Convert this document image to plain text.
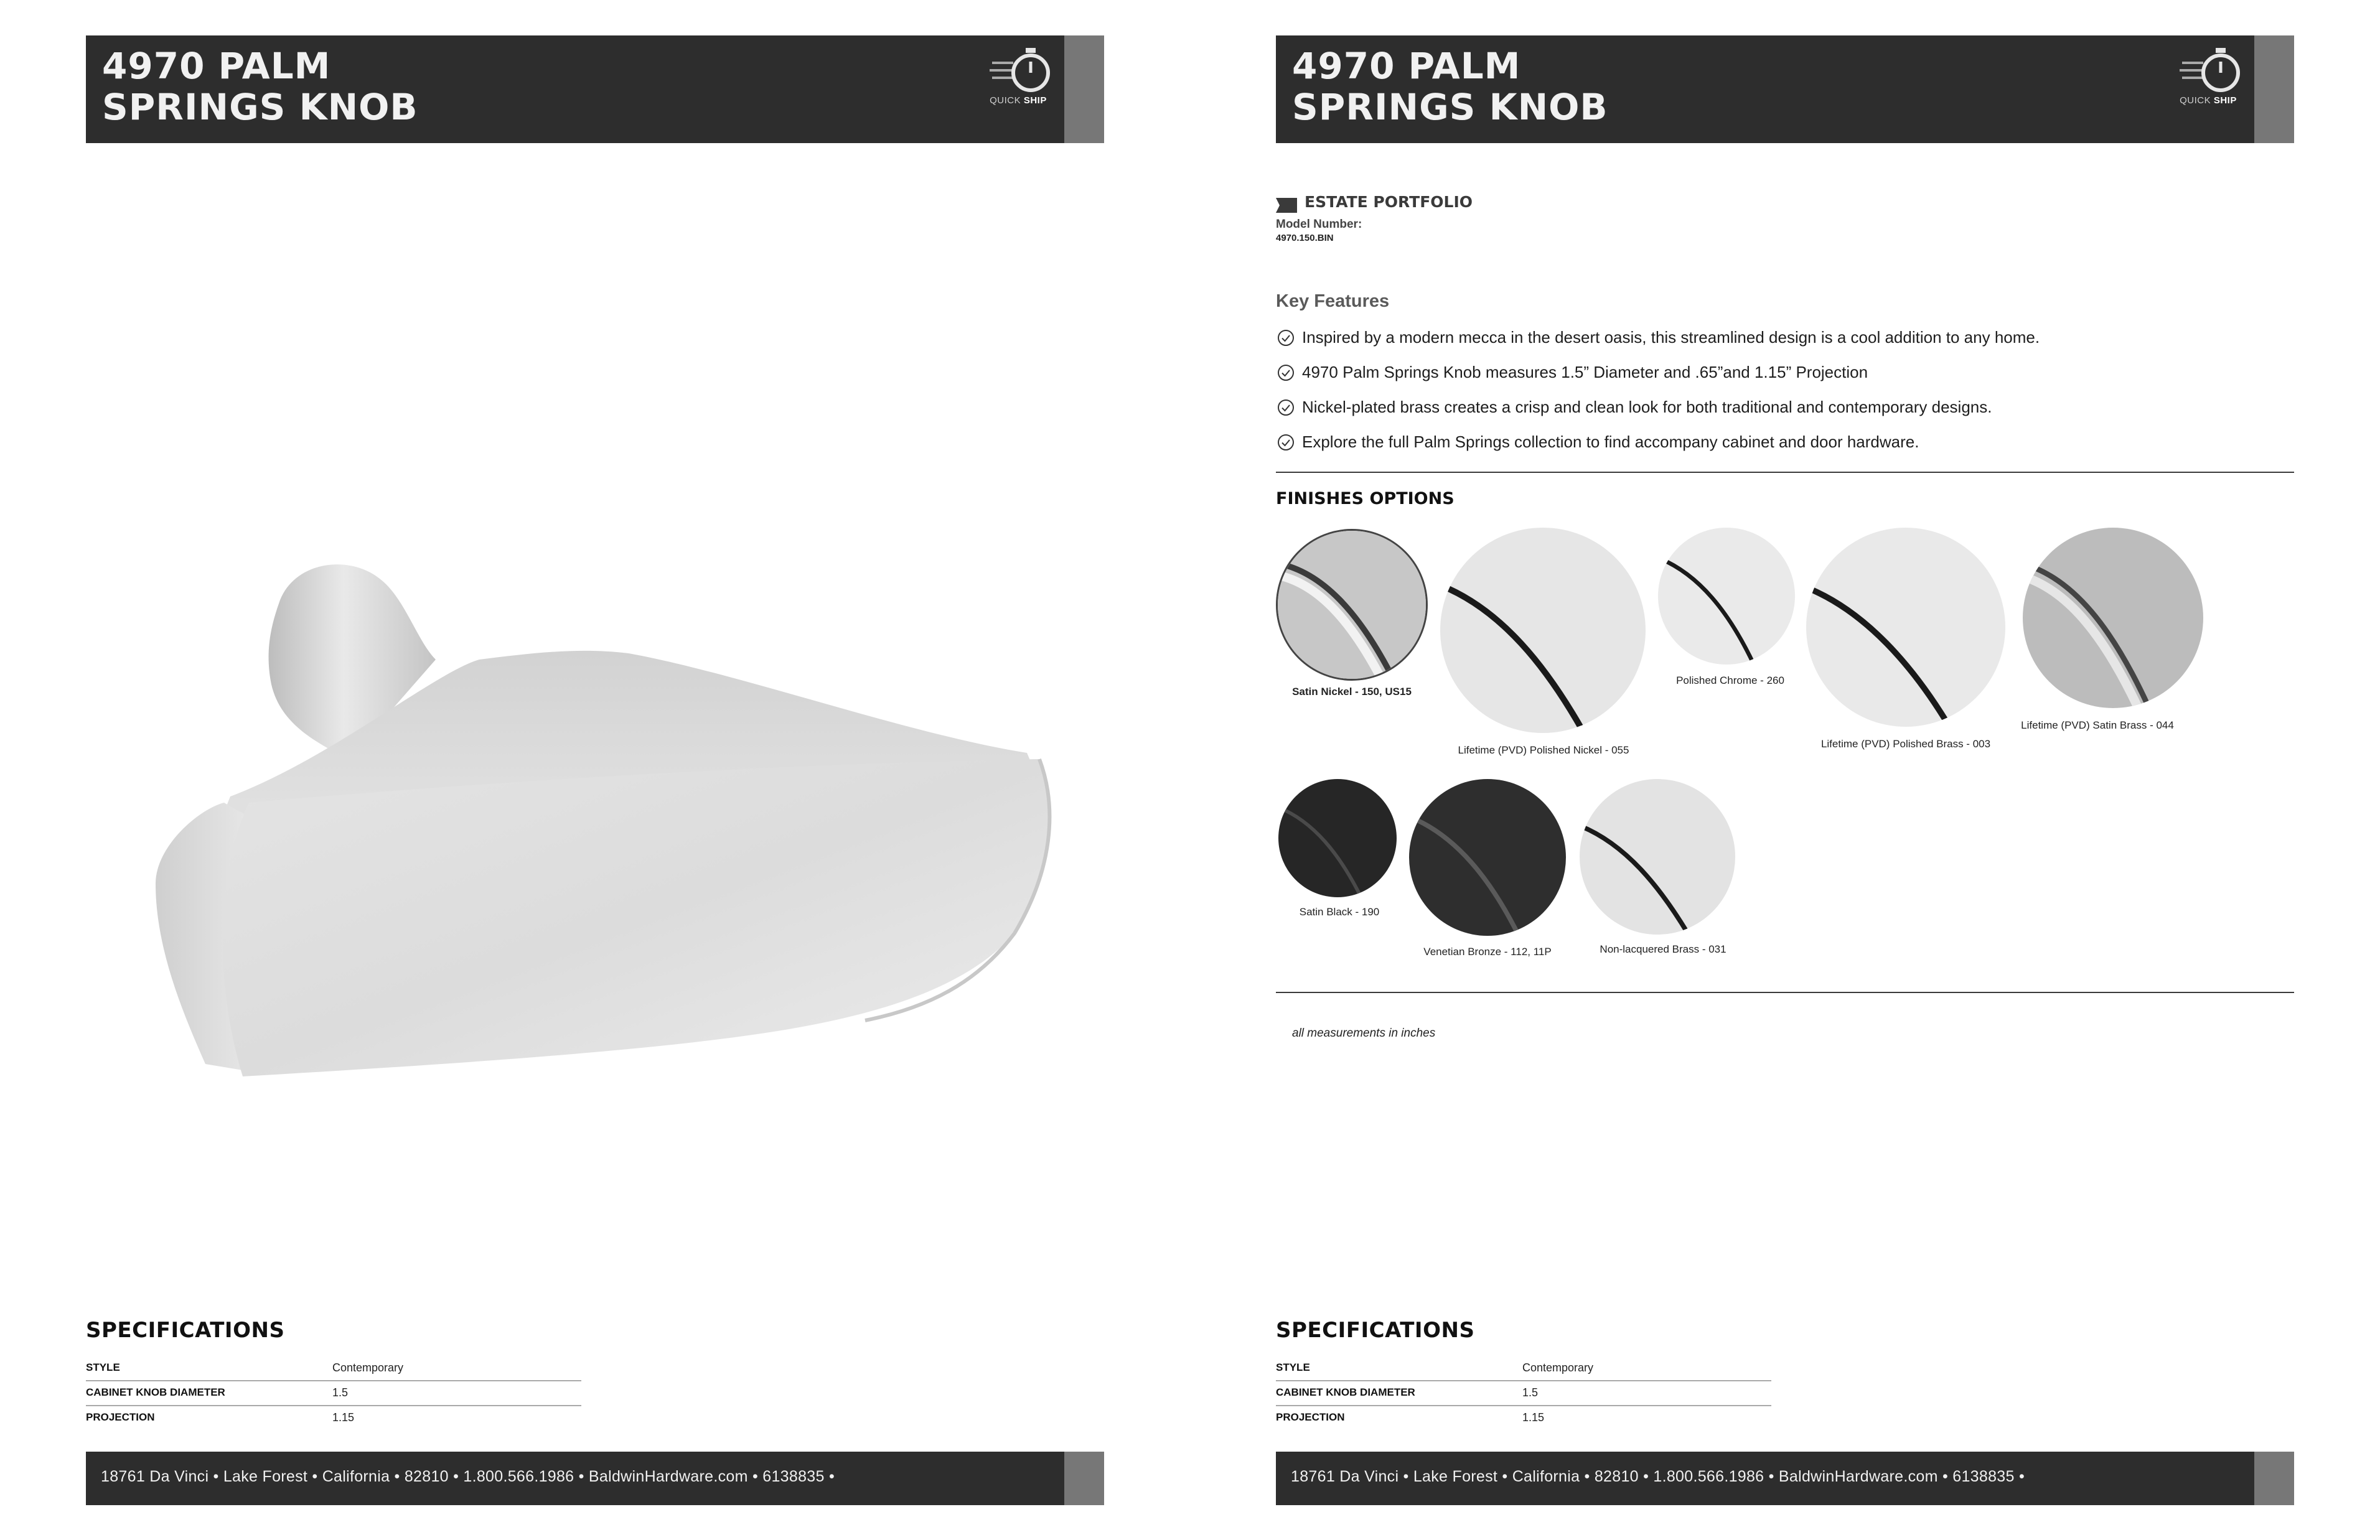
4970 PALM
SPRINGS KNOB	QUICK SHIP
SPECIFICATIONS
STYLE	Contemporary
CABINET KNOB DIAMETER	1.5
PROJECTION	1.15
18761 Da Vinci • Lake Forest • California • 82810 • 1.800.566.1986 • BaldwinHardware.com • 6138835 •
4970 PALM
SPRINGS KNOB	QUICK SHIP
ESTATE PORTFOLIO
Model Number:
4970.150.BIN
Key Features
Inspired by a modern mecca in the desert oasis, this streamlined design is a cool addition to any home.
4970 Palm Springs Knob measures 1.5” Diameter and .65”and 1.15” Projection
Nickel-plated brass creates a crisp and clean look for both traditional and contemporary designs.
Explore the full Palm Springs collection to find accompany cabinet and door hardware.
FINISHES OPTIONS
Satin Nickel - 150, US15
Lifetime (PVD) Polished Nickel - 055
Polished Chrome - 260
Lifetime (PVD) Polished Brass - 003
Lifetime (PVD) Satin Brass - 044
Satin Black - 190
Venetian Bronze - 112, 11P	Non-lacquered Brass - 031
all measurements in inches
SPECIFICATIONS
STYLE	Contemporary
CABINET KNOB DIAMETER	1.5
PROJECTION	1.15
18761 Da Vinci • Lake Forest • California • 82810 • 1.800.566.1986 • BaldwinHardware.com • 6138835 •
